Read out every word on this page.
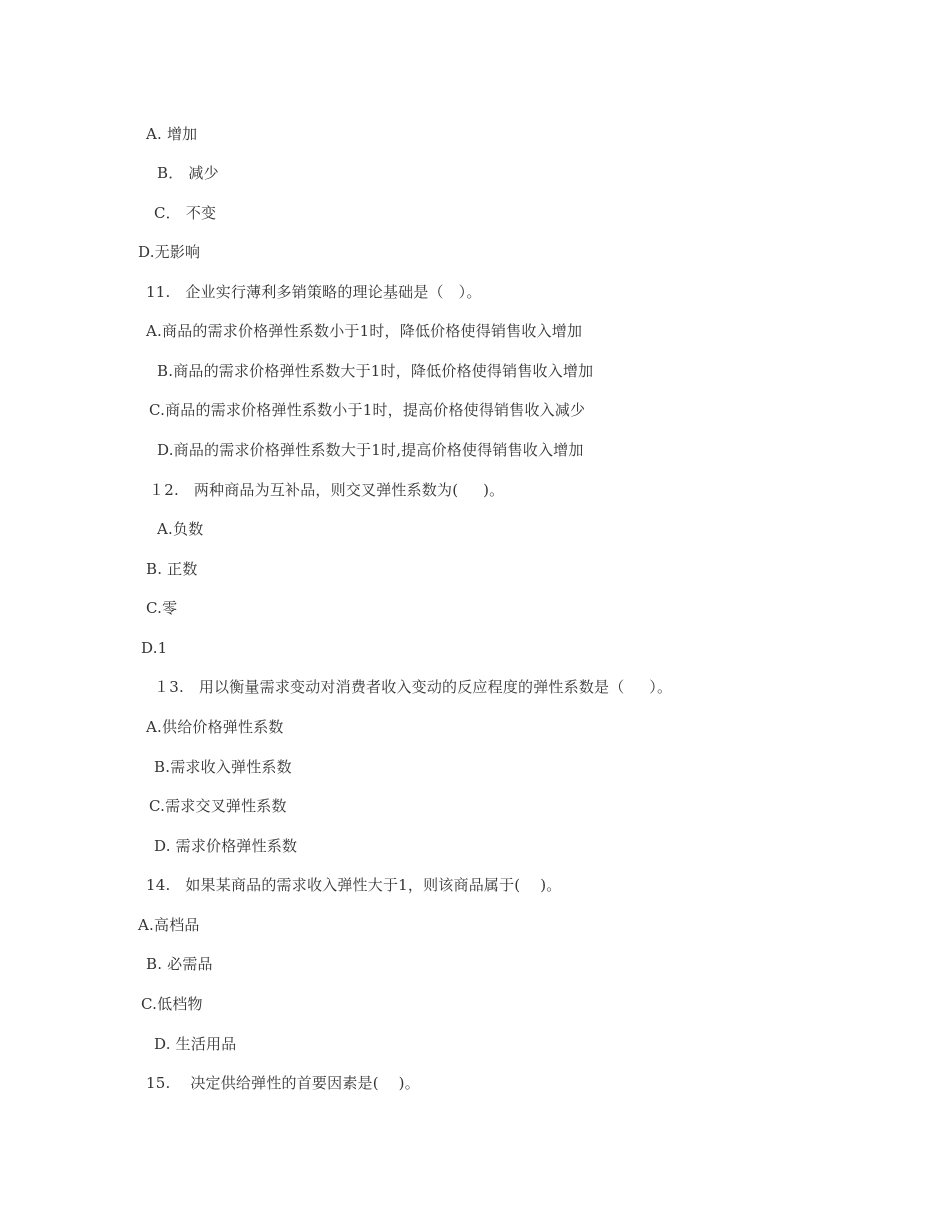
A. 增加
B． 减少
C． 不变
D.无影响
11.   企业实行薄利多销策略的理论基础是（   ）。
A.商品的需求价格弹性系数小于1时，降低价格使得销售收入增加
B.商品的需求价格弹性系数大于1时，降低价格使得销售收入增加
C.商品的需求价格弹性系数小于1时，提高价格使得销售收入减少
D.商品的需求价格弹性系数大于1时,提高价格使得销售收入增加
１2.   两种商品为互补品，则交叉弹性系数为(     )。
A.负数
B. 正数
C.零
D.1
１3.   用以衡量需求变动对消费者收入变动的反应程度的弹性系数是（     ）。
A.供给价格弹性系数
B.需求收入弹性系数
C.需求交叉弹性系数
D. 需求价格弹性系数
14.   如果某商品的需求收入弹性大于1，则该商品属于(    )。
A.高档品
B. 必需品
C.低档物
D. 生活用品
15.    决定供给弹性的首要因素是(    )。
